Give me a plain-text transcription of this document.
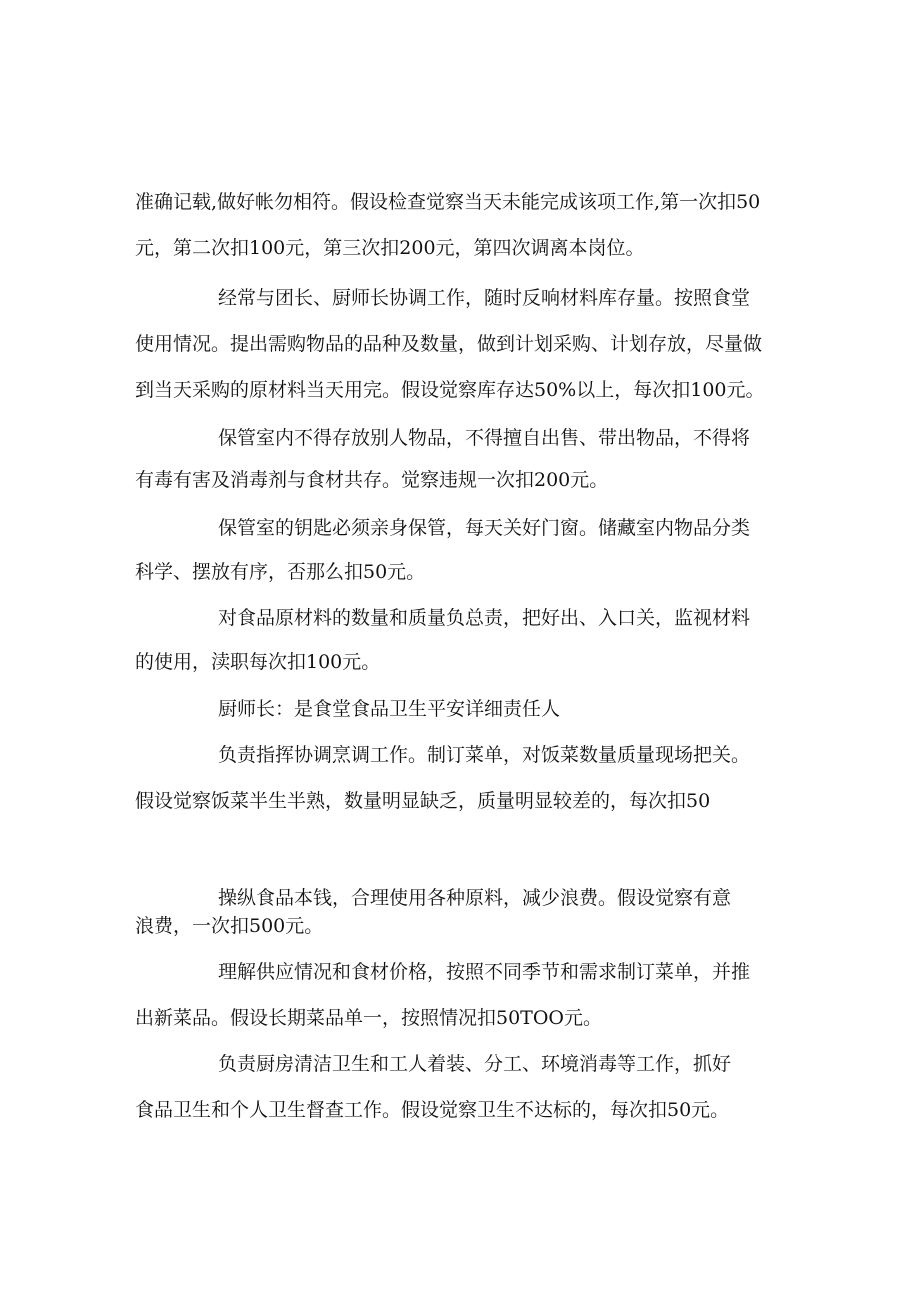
准确记载,做好帐勿相符。假设检查觉察当天未能完成该项工作,第一次扣50

元，第二次扣100元，第三次扣200元，第四次调离本岗位。

经常与团长、厨师长协调工作，随时反响材料库存量。按照食堂

使用情况。提出需购物品的品种及数量，做到计划采购、计划存放，尽量做

到当天采购的原材料当天用完。假设觉察库存达50%以上，每次扣100元。

保管室内不得存放别人物品，不得擅自出售、带出物品，不得将

有毒有害及消毒剂与食材共存。觉察违规一次扣200元。

保管室的钥匙必须亲身保管，每天关好门窗。储藏室内物品分类

科学、摆放有序，否那么扣50元。

对食品原材料的数量和质量负总责，把好出、入口关，监视材料

的使用，渎职每次扣100元。

厨师长：是食堂食品卫生平安详细责任人

负责指挥协调烹调工作。制订菜单，对饭菜数量质量现场把关。

假设觉察饭菜半生半熟，数量明显缺乏，质量明显较差的，每次扣50

操纵食品本钱，合理使用各种原料，减少浪费。假设觉察有意

浪费，一次扣500元。

理解供应情况和食材价格，按照不同季节和需求制订菜单，并推

出新菜品。假设长期菜品单一，按照情况扣50TOO元。

负责厨房清洁卫生和工人着装、分工、环境消毒等工作，抓好

食品卫生和个人卫生督查工作。假设觉察卫生不达标的，每次扣50元。
